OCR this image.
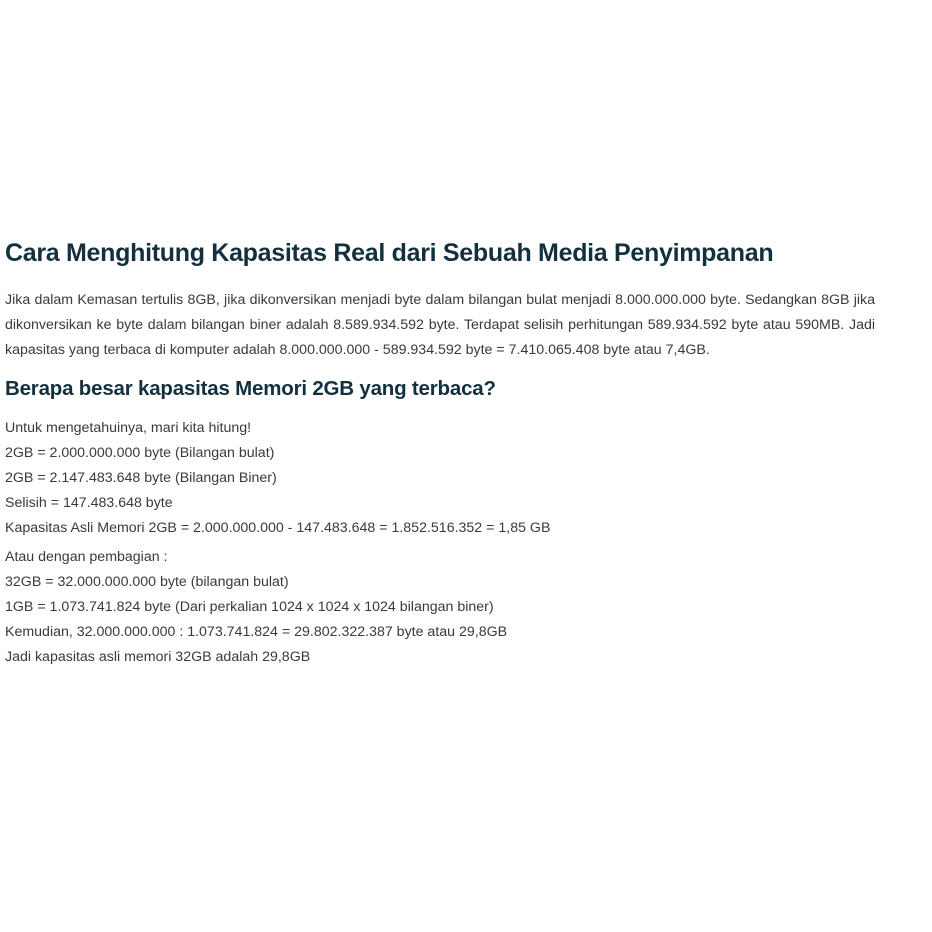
Cara Menghitung Kapasitas Real dari Sebuah Media Penyimpanan

Jika dalam Kemasan tertulis 8GB, jika dikonversikan menjadi byte dalam bilangan bulat menjadi 8.000.000.000 byte. Sedangkan 8GB jika dikonversikan ke byte dalam bilangan biner adalah 8.589.934.592 byte. Terdapat selisih perhitungan 589.934.592 byte atau 590MB. Jadi kapasitas yang terbaca di komputer adalah 8.000.000.000 - 589.934.592 byte = 7.410.065.408 byte atau 7,4GB.

Berapa besar kapasitas Memori 2GB yang terbaca?
Untuk mengetahuinya, mari kita hitung!
2GB = 2.000.000.000 byte (Bilangan bulat)
2GB = 2.147.483.648 byte (Bilangan Biner)
Selisih = 147.483.648 byte
Kapasitas Asli Memori 2GB = 2.000.000.000 - 147.483.648 = 1.852.516.352 = 1,85 GB
Atau dengan pembagian :
32GB = 32.000.000.000 byte (bilangan bulat)
1GB = 1.073.741.824 byte (Dari perkalian 1024 x 1024 x 1024 bilangan biner)
Kemudian, 32.000.000.000 : 1.073.741.824 = 29.802.322.387 byte atau 29,8GB
Jadi kapasitas asli memori 32GB adalah 29,8GB
